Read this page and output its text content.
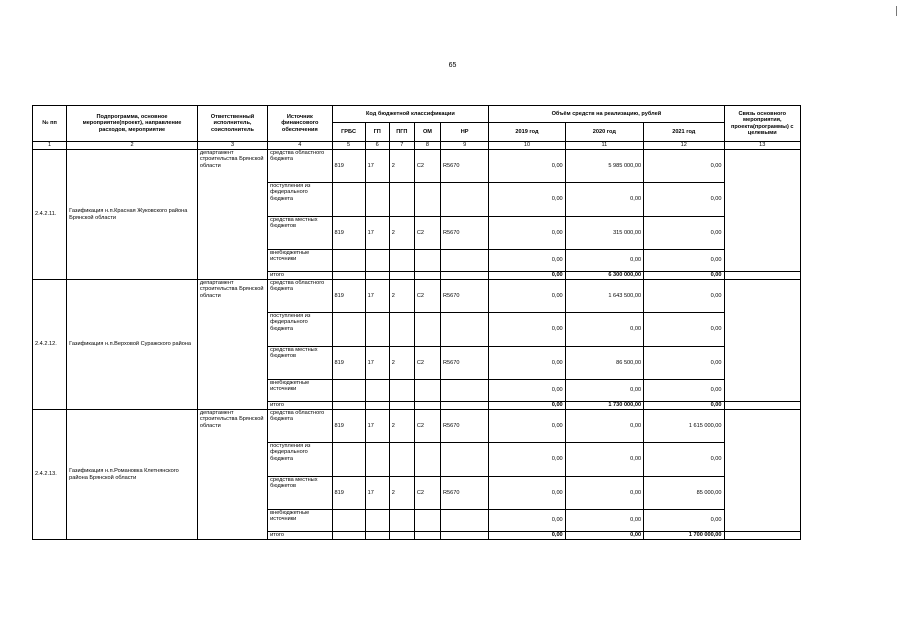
65
№ пп	Подпрограмма, основное мероприятие(проект), направление расходов, мероприятие	Ответственный исполнитель, соисполнитель	Источник финансового обеспечения	Код бюджетной классификации					Объём средств на реализацию, рублей			Связь основного мероприятия, проекта(программы) с целевыми
				ГРБС	ГП	ПГП	ОМ	НР	2019 год	2020 год	2021 год	
1	2	3	4	5	6	7	8	9	10	11	12	13
2.4.2.11.	Газификация н.п.Красная Жуковского района Брянской области	департамент строительства Брянской области	средства областного бюджета	819	17	2	С2	R5670	0,00	5 985 000,00	0,00	
			поступления из федерального бюджета						0,00	0,00	0,00	
			средства местных бюджетов	819	17	2	С2	R5670	0,00	315 000,00	0,00	
			внебюджетные источники						0,00	0,00	0,00	
			итого						0,00	6 300 000,00	0,00	
2.4.2.12.	Газификация н.п.Верховой Суражского района	департамент строительства Брянской области	средства областного бюджета	819	17	2	С2	R5670	0,00	1 643 500,00	0,00	
			поступления из федерального бюджета						0,00	0,00	0,00	
			средства местных бюджетов	819	17	2	С2	R5670	0,00	86 500,00	0,00	
			внебюджетные источники						0,00	0,00	0,00	
			итого						0,00	1 730 000,00	0,00	
2.4.2.13.	Газификация н.п.Романовка Клетнянского района Брянской области	департамент строительства Брянской области	средства областного бюджета	819	17	2	С2	R5670	0,00	0,00	1 615 000,00	
			поступления из федерального бюджета						0,00	0,00	0,00	
			средства местных бюджетов	819	17	2	С2	R5670	0,00	0,00	85 000,00	
			внебюджетные источники						0,00	0,00	0,00	
			итого						0,00	0,00	1 700 000,00	
